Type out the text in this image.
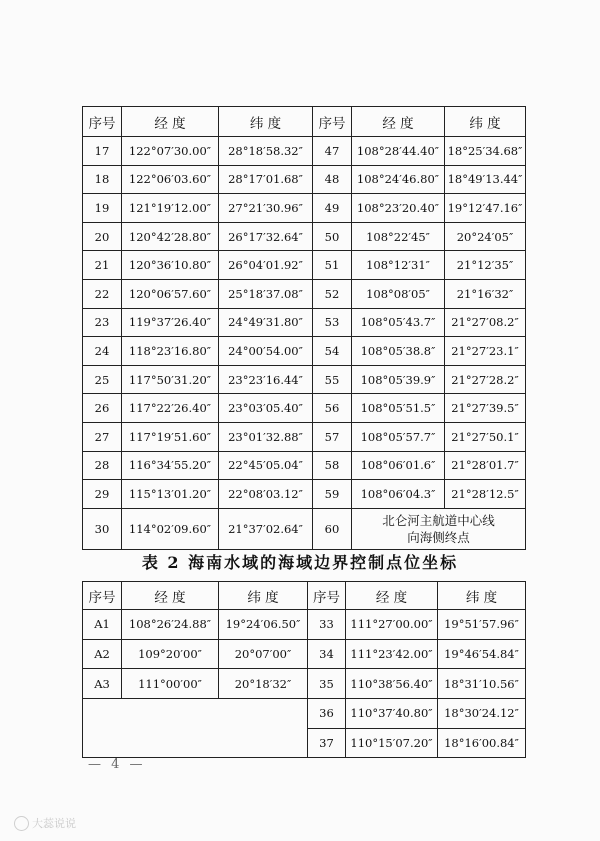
序号	经 度	纬 度	序号	经 度	纬 度
17	122°07′30.00″	28°18′58.32″	47	108°28′44.40″	18°25′34.68″
18	122°06′03.60″	28°17′01.68″	48	108°24′46.80″	18°49′13.44″
19	121°19′12.00″	27°21′30.96″	49	108°23′20.40″	19°12′47.16″
20	120°42′28.80″	26°17′32.64″	50	108°22′45″	20°24′05″
21	120°36′10.80″	26°04′01.92″	51	108°12′31″	21°12′35″
22	120°06′57.60″	25°18′37.08″	52	108°08′05″	21°16′32″
23	119°37′26.40″	24°49′31.80″	53	108°05′43.7″	21°27′08.2″
24	118°23′16.80″	24°00′54.00″	54	108°05′38.8″	21°27′23.1″
25	117°50′31.20″	23°23′16.44″	55	108°05′39.9″	21°27′28.2″
26	117°22′26.40″	23°03′05.40″	56	108°05′51.5″	21°27′39.5″
27	117°19′51.60″	23°01′32.88″	57	108°05′57.7″	21°27′50.1″
28	116°34′55.20″	22°45′05.04″	58	108°06′01.6″	21°28′01.7″
29	115°13′01.20″	22°08′03.12″	59	108°06′04.3″	21°28′12.5″
30	114°02′09.60″	21°37′02.64″	60	北仑河主航道中心线
向海侧终点	
表 2 海南水域的海域边界控制点位坐标
序号	经 度	纬 度	序号	经 度	纬 度
A1	108°26′24.88″	19°24′06.50″	33	111°27′00.00″	19°51′57.96″
A2	109°20′00″	20°07′00″	34	111°23′42.00″	19°46′54.84″
A3	111°00′00″	20°18′32″	35	110°38′56.40″	18°31′10.56″
			36	110°37′40.80″	18°30′24.12″
			37	110°15′07.20″	18°16′00.84″
— 4 —
大蕊说说
